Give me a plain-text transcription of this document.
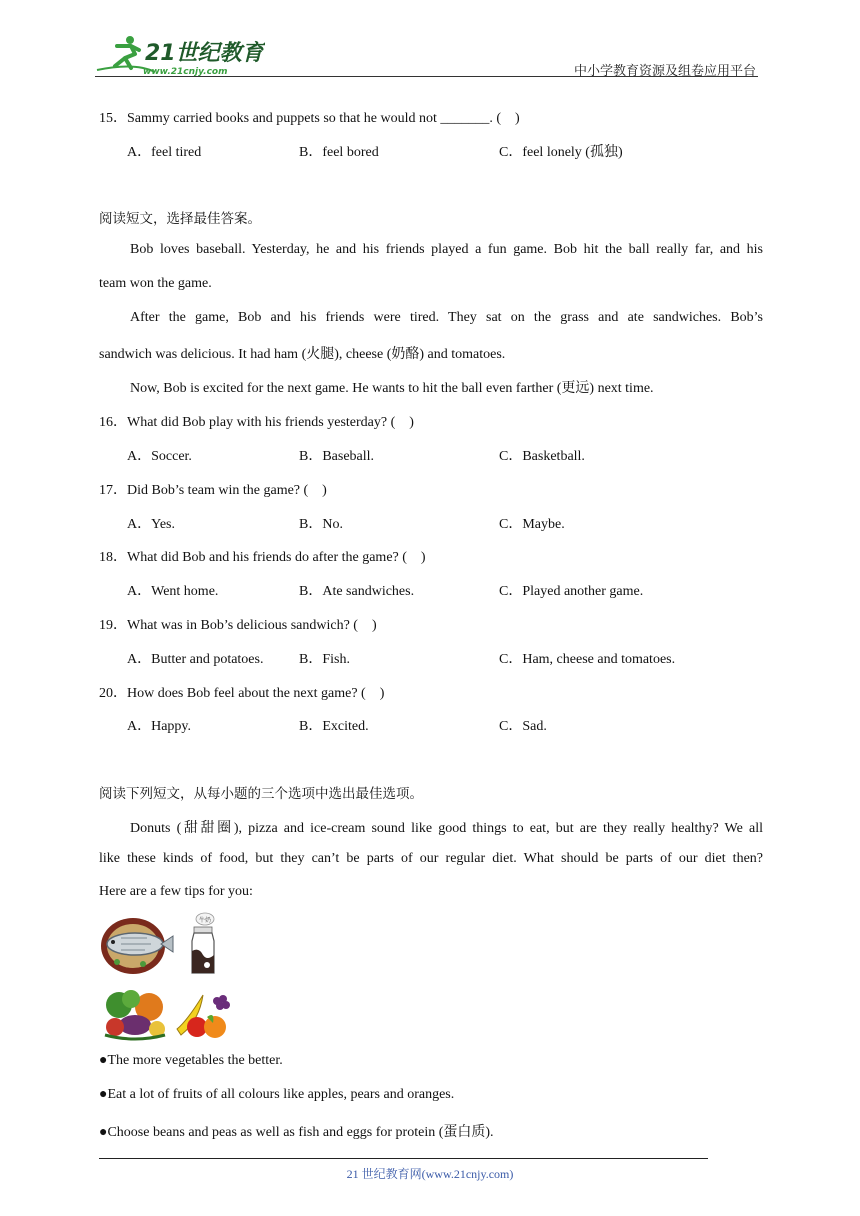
21世纪教育
www.21cnjy.com	中小学教育资源及组卷应用平台
15．Sammy carried books and puppets so that he would not _______. (　)
A．feel tired	B．feel bored	C．feel lonely (孤独)
阅读短文，选择最佳答案。
Bob loves baseball. Yesterday, he and his friends played a fun game. Bob hit the ball really far, and his
team won the game.
After the game, Bob and his friends were tired. They sat on the grass and ate sandwiches. Bob’s
sandwich was delicious. It had ham (火腿), cheese (奶酪) and tomatoes.
Now, Bob is excited for the next game. He wants to hit the ball even farther (更远) next time.
16．What did Bob play with his friends yesterday? (　)
A．Soccer.	B．Baseball.	C．Basketball.
17．Did Bob’s team win the game? (　)
A．Yes.	B．No.	C．Maybe.
18．What did Bob and his friends do after the game? (　)
A．Went home.	B．Ate sandwiches.	C．Played another game.
19．What was in Bob’s delicious sandwich? (　)
A．Butter and potatoes.	B．Fish.	C．Ham, cheese and tomatoes.
20．How does Bob feel about the next game? (　)
A．Happy.	B．Excited.	C．Sad.
阅读下列短文，从每小题的三个选项中选出最佳选项。
Donuts (甜甜圈), pizza and ice-cream sound like good things to eat, but are they really healthy? We all
like these kinds of food, but they can’t be parts of our regular diet. What should be parts of our diet then?
Here are a few tips for you:
牛奶
●The more vegetables the better.
●Eat a lot of fruits of all colours like apples, pears and oranges.
●Choose beans and peas as well as fish and eggs for protein (蛋白质).
21 世纪教育网(www.21cnjy.com)
